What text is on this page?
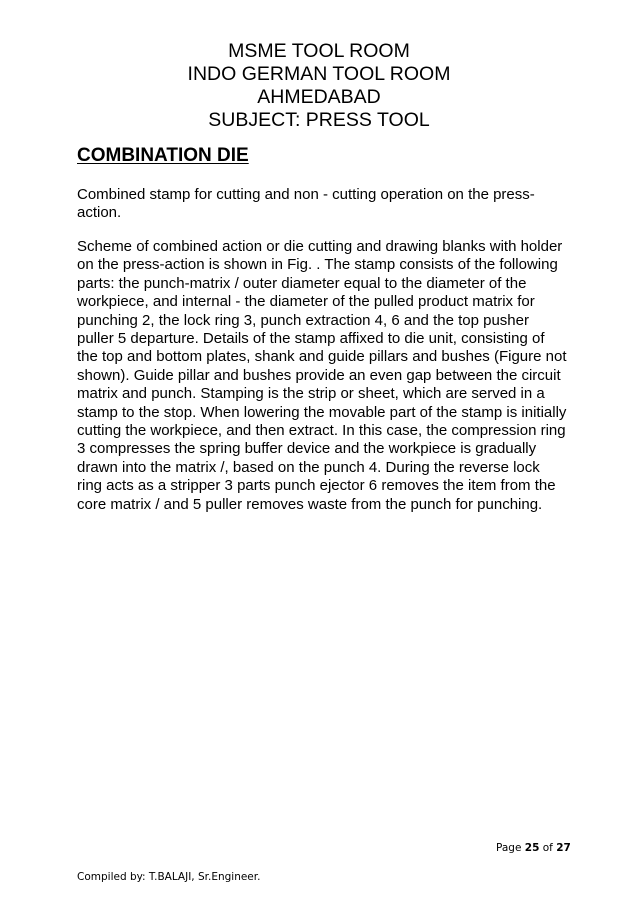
MSME TOOL ROOM
INDO GERMAN TOOL ROOM
AHMEDABAD
SUBJECT: PRESS TOOL
COMBINATION DIE

Combined stamp for cutting and non - cutting operation on the press-action.

Scheme of combined action or die cutting and drawing blanks with holder on the press-action is shown in Fig. . The stamp consists of the following parts: the punch-matrix / outer diameter equal to the diameter of the workpiece, and internal - the diameter of the pulled product matrix for punching 2, the lock ring 3, punch extraction 4, 6 and the top pusher puller 5 departure. Details of the stamp affixed to die unit, consisting of the top and bottom plates, shank and guide pillars and bushes (Figure not shown). Guide pillar and bushes provide an even gap between the circuit matrix and punch. Stamping is the strip or sheet, which are served in a stamp to the stop. When lowering the movable part of the stamp is initially cutting the workpiece, and then extract. In this case, the compression ring 3 compresses the spring buffer device and the workpiece is gradually drawn into the matrix /, based on the punch 4. During the reverse lock ring acts as a stripper 3 parts punch ejector 6 removes the item from the core matrix / and 5 puller removes waste from the punch for punching.

Page 25 of 27
Compiled by: T.BALAJI, Sr.Engineer.
